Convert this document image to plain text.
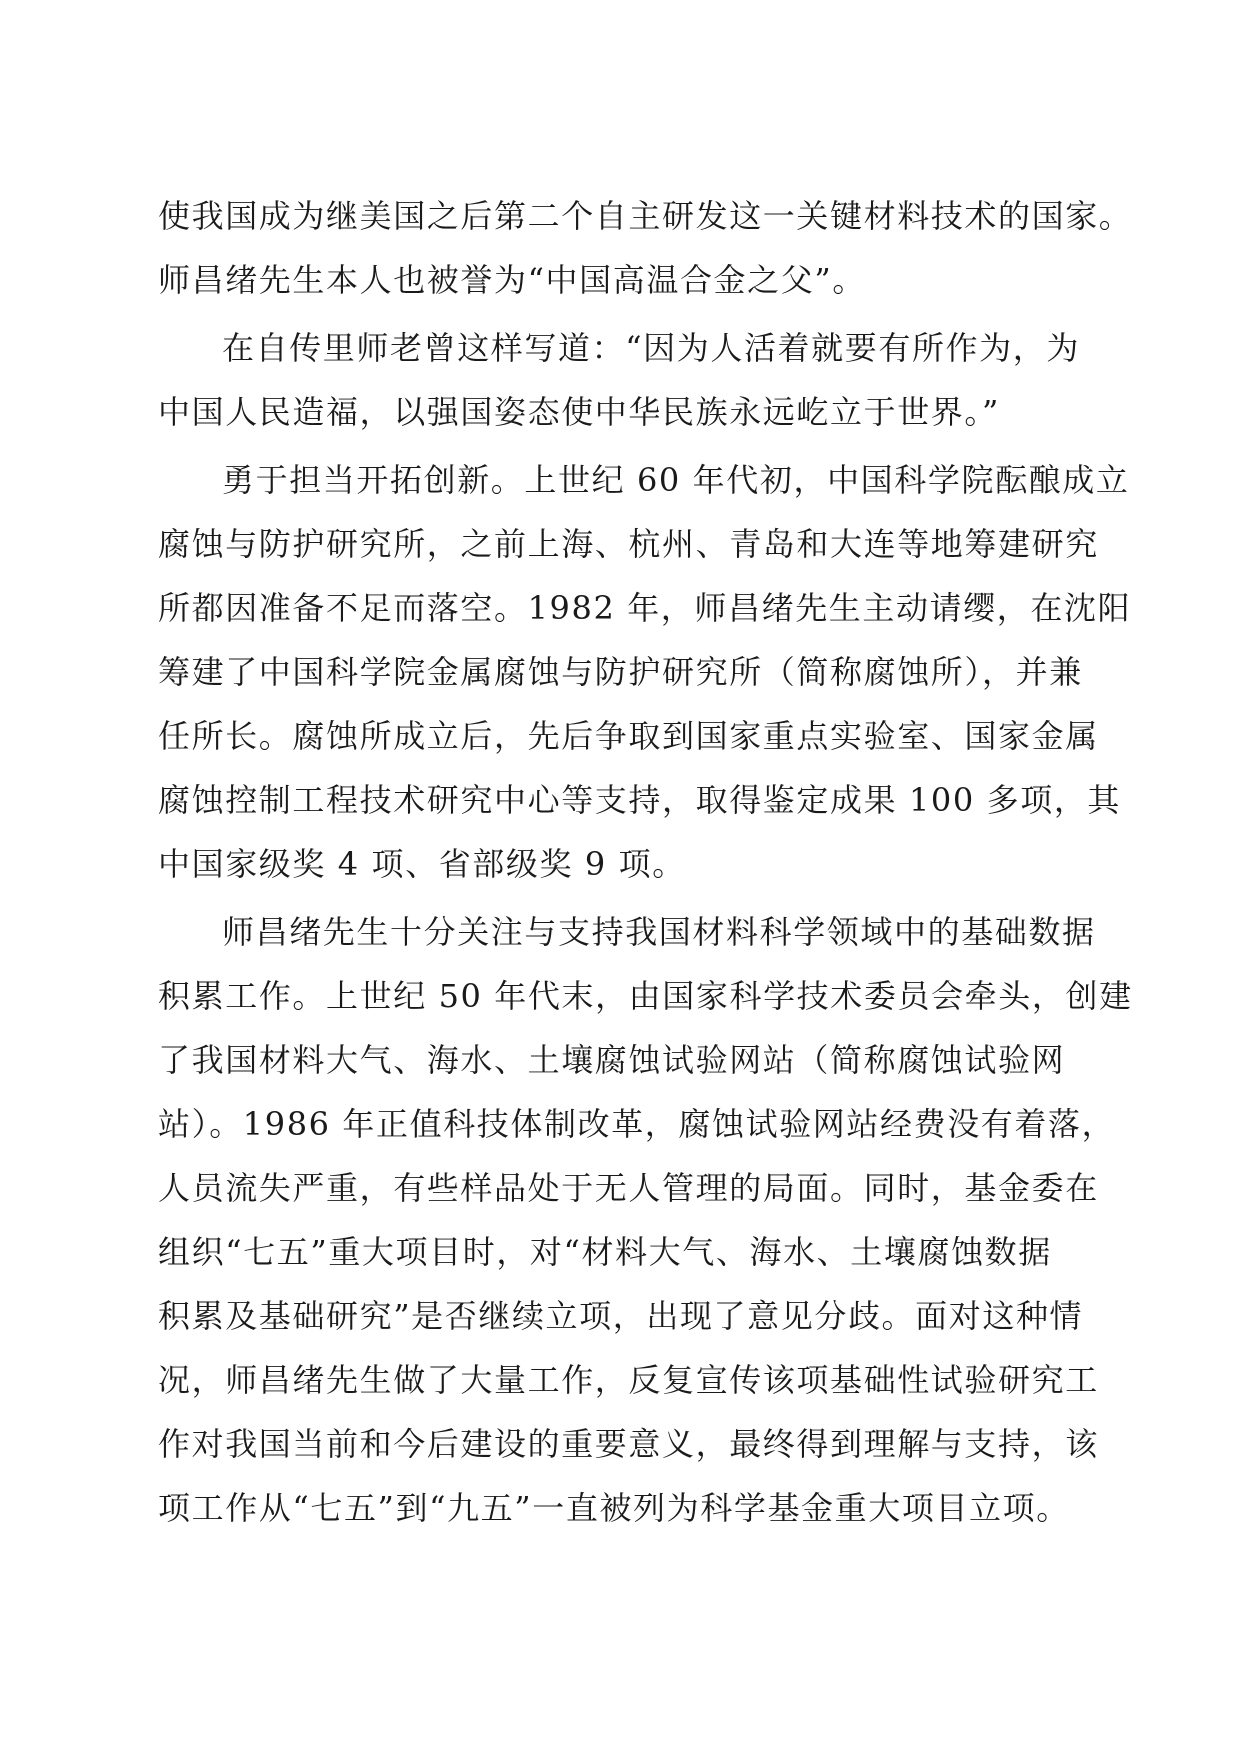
使我国成为继美国之后第二个自主研发这一关键材料技术的国家。
师昌绪先生本人也被誉为“中国高温合金之父”。
在自传里师老曾这样写道：“因为人活着就要有所作为，为
中国人民造福，以强国姿态使中华民族永远屹立于世界。”
勇于担当开拓创新。上世纪 60 年代初，中国科学院酝酿成立
腐蚀与防护研究所，之前上海、杭州、青岛和大连等地筹建研究
所都因准备不足而落空。1982 年，师昌绪先生主动请缨，在沈阳
筹建了中国科学院金属腐蚀与防护研究所（简称腐蚀所），并兼
任所长。腐蚀所成立后，先后争取到国家重点实验室、国家金属
腐蚀控制工程技术研究中心等支持，取得鉴定成果 100 多项，其
中国家级奖 4 项、省部级奖 9 项。
师昌绪先生十分关注与支持我国材料科学领域中的基础数据
积累工作。上世纪 50 年代末，由国家科学技术委员会牵头，创建
了我国材料大气、海水、土壤腐蚀试验网站（简称腐蚀试验网
站）。1986 年正值科技体制改革，腐蚀试验网站经费没有着落，
人员流失严重，有些样品处于无人管理的局面。同时，基金委在
组织“七五”重大项目时，对“材料大气、海水、土壤腐蚀数据
积累及基础研究”是否继续立项，出现了意见分歧。面对这种情
况，师昌绪先生做了大量工作，反复宣传该项基础性试验研究工
作对我国当前和今后建设的重要意义，最终得到理解与支持，该
项工作从“七五”到“九五”一直被列为科学基金重大项目立项。
